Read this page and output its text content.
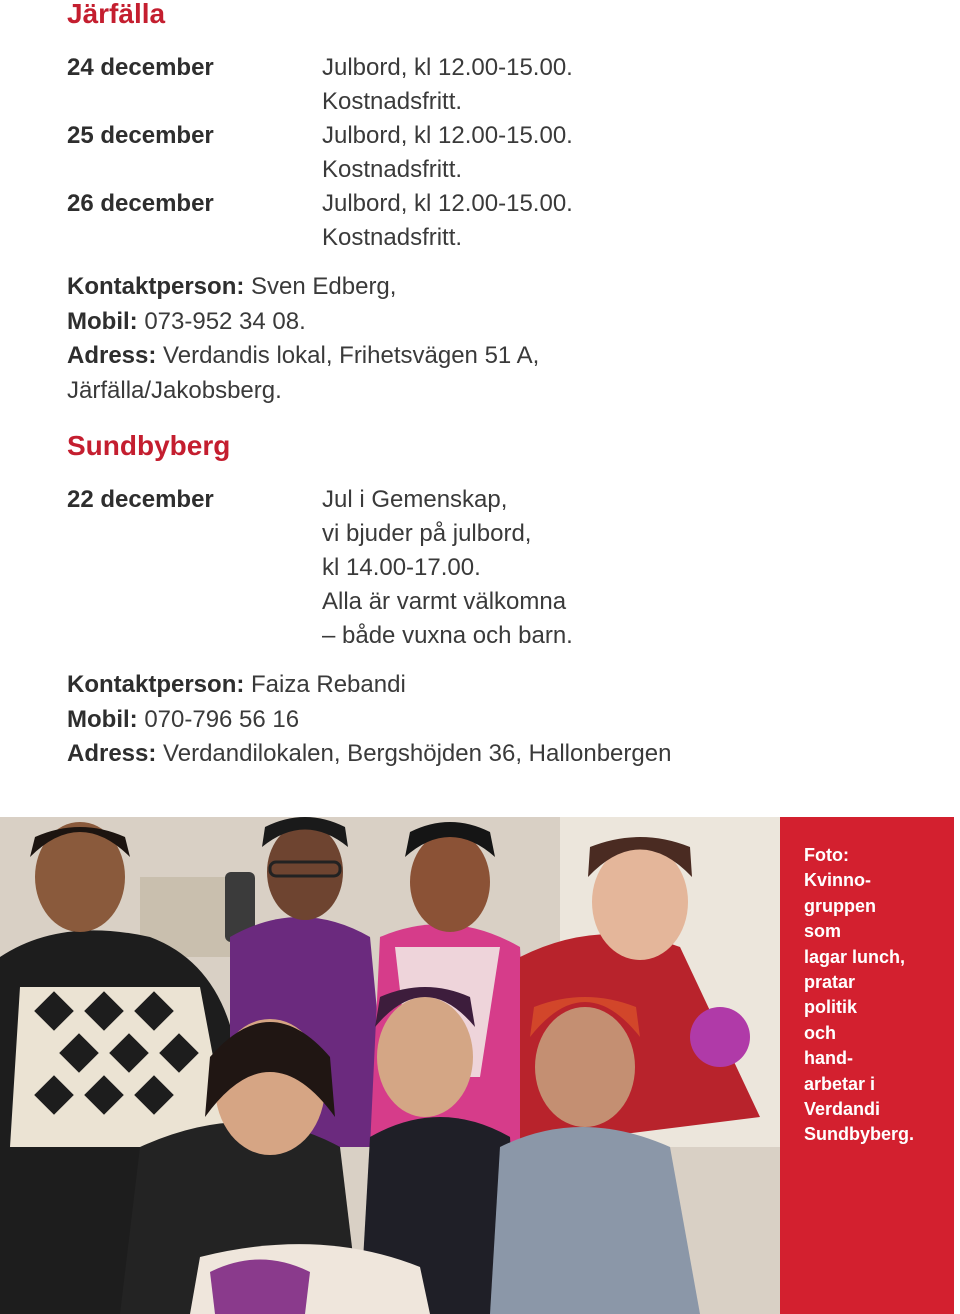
Järfälla
24 december	Julbord, kl 12.00-15.00.
Kostnadsfritt.
25 december	Julbord, kl 12.00-15.00.
Kostnadsfritt.
26 december	Julbord, kl 12.00-15.00.
Kostnadsfritt.
Kontaktperson: Sven Edberg,
Mobil: 073-952 34 08.
Adress: Verdandis lokal, Frihetsvägen 51 A,
Järfälla/Jakobsberg.
Sundbyberg
22 december	Jul i Gemenskap,
vi bjuder på julbord,
kl 14.00-17.00.
Alla är varmt välkomna
– både vuxna och barn.
Kontaktperson: Faiza Rebandi
Mobil: 070-796 56 16
Adress: Verdandilokalen, Bergshöjden 36, Hallonbergen
Foto:
Kvinno-
gruppen
som
lagar lunch,
pratar
politik
och
hand-
arbetar i
Verdandi
Sundbyberg.
